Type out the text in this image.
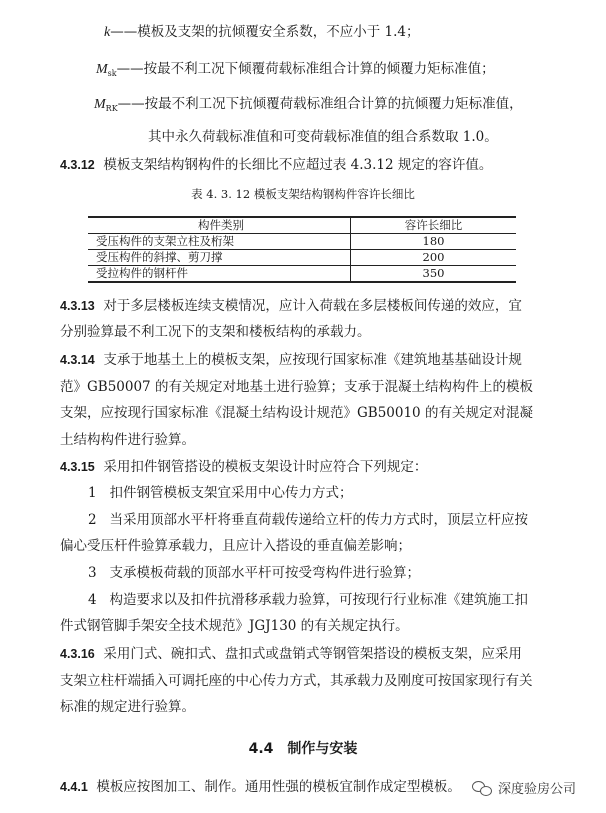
k——模板及支架的抗倾覆安全系数，不应小于 1.4；
$M_{sk}——$按最不利工况下倾覆荷载标准组合计算的倾覆力矩标准值；
$M_{RK}——$按最不利工况下抗倾覆荷载标准组合计算的抗倾覆力矩标准值，
其中永久荷载标准值和可变荷载标准值的组合系数取 1.0。
4.3.12 模板支架结构钢构件的长细比不应超过表 4.3.12 规定的容许值。
表 4. 3. 12 模板支架结构钢构件容许长细比
构件类别	容许长细比
受压构件的支架立柱及桁架	180
受压构件的斜撑、剪刀撑	200
受拉构件的钢杆件	350
4.3.13 对于多层楼板连续支模情况，应计入荷载在多层楼板间传递的效应，宜
分别验算最不利工况下的支架和楼板结构的承载力。
4.3.14 支承于地基土上的模板支架，应按现行国家标准《建筑地基基础设计规
范》GB50007 的有关规定对地基土进行验算；支承于混凝土结构构件上的模板
支架，应按现行国家标准《混凝土结构设计规范》GB50010 的有关规定对混凝
土结构构件进行验算。
4.3.15 采用扣件钢管搭设的模板支架设计时应符合下列规定：
1 扣件钢管模板支架宜采用中心传力方式；
2 当采用顶部水平杆将垂直荷载传递给立杆的传力方式时，顶层立杆应按
偏心受压杆件验算承载力，且应计入搭设的垂直偏差影响；
3 支承模板荷载的顶部水平杆可按受弯构件进行验算；
4 构造要求以及扣件抗滑移承载力验算，可按现行行业标准《建筑施工扣
件式钢管脚手架安全技术规范》JGJ130 的有关规定执行。
4.3.16 采用门式、碗扣式、盘扣式或盘销式等钢管架搭设的模板支架，应采用
支架立柱杆端插入可调托座的中心传力方式，其承载力及刚度可按国家现行有关
标准的规定进行验算。
4.4　制作与安装
4.4.1 模板应按图加工、制作。通用性强的模板宜制作成定型模板。	深度验房公司
